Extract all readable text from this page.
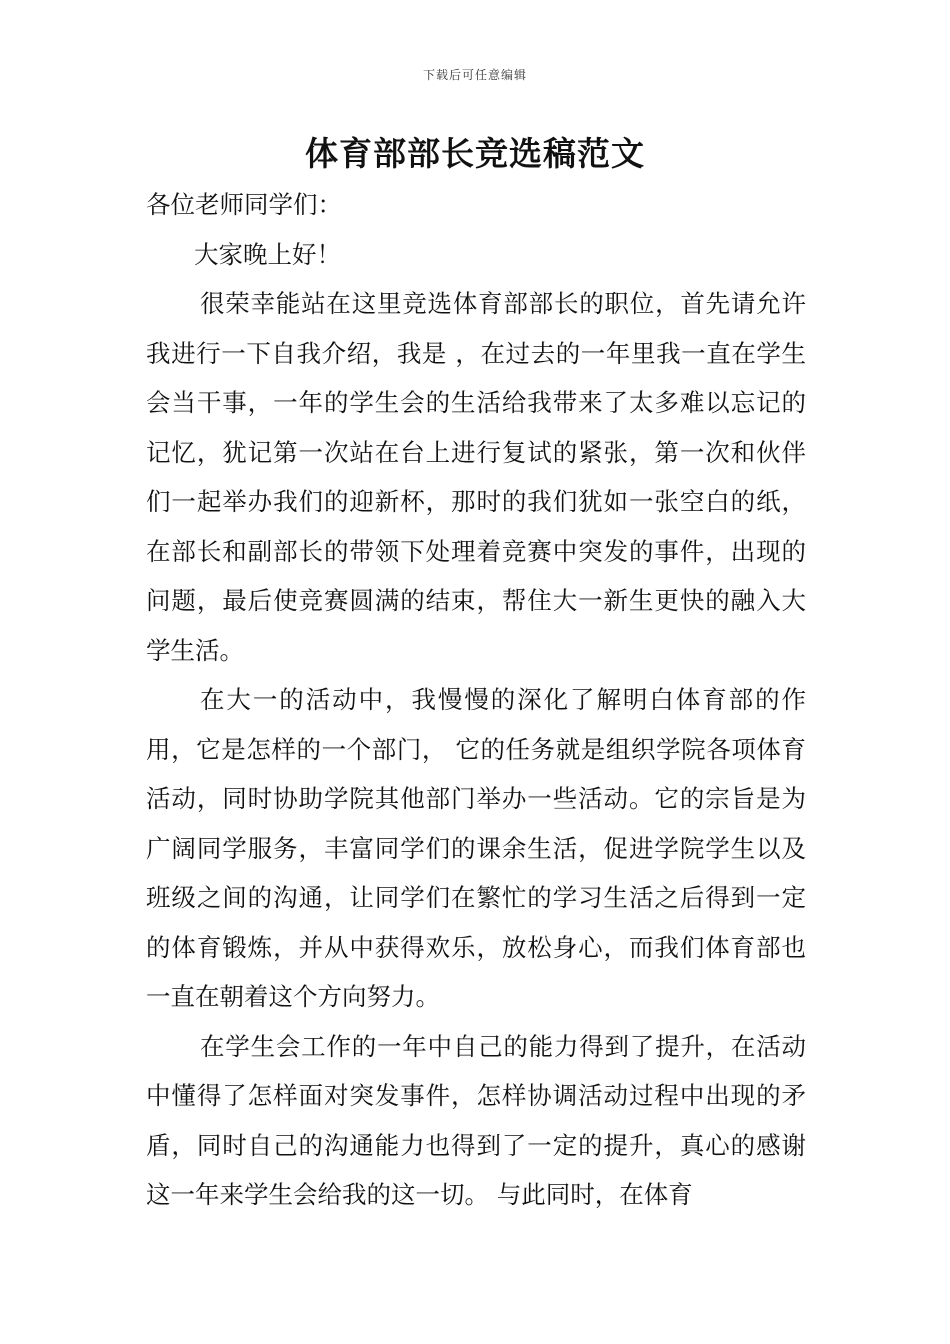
下载后可任意编辑
体育部部长竞选稿范文

各位老师同学们：

大家晚上好！

很荣幸能站在这里竞选体育部部长的职位，首先请允许我进行一下自我介绍，我是 ，在过去的一年里我一直在学生会当干事，一年的学生会的生活给我带来了太多难以忘记的记忆，犹记第一次站在台上进行复试的紧张，第一次和伙伴们一起举办我们的迎新杯，那时的我们犹如一张空白的纸，在部长和副部长的带领下处理着竞赛中突发的事件，出现的问题，最后使竞赛圆满的结束，帮住大一新生更快的融入大学生活。

在大一的活动中，我慢慢的深化了解明白体育部的作用，它是怎样的一个部门， 它的任务就是组织学院各项体育活动，同时协助学院其他部门举办一些活动。它的宗旨是为广阔同学服务，丰富同学们的课余生活，促进学院学生以及班级之间的沟通，让同学们在繁忙的学习生活之后得到一定的体育锻炼，并从中获得欢乐，放松身心，而我们体育部也一直在朝着这个方向努力。

在学生会工作的一年中自己的能力得到了提升，在活动中懂得了怎样面对突发事件，怎样协调活动过程中出现的矛盾，同时自己的沟通能力也得到了一定的提升，真心的感谢这一年来学生会给我的这一切。 与此同时，在体育
